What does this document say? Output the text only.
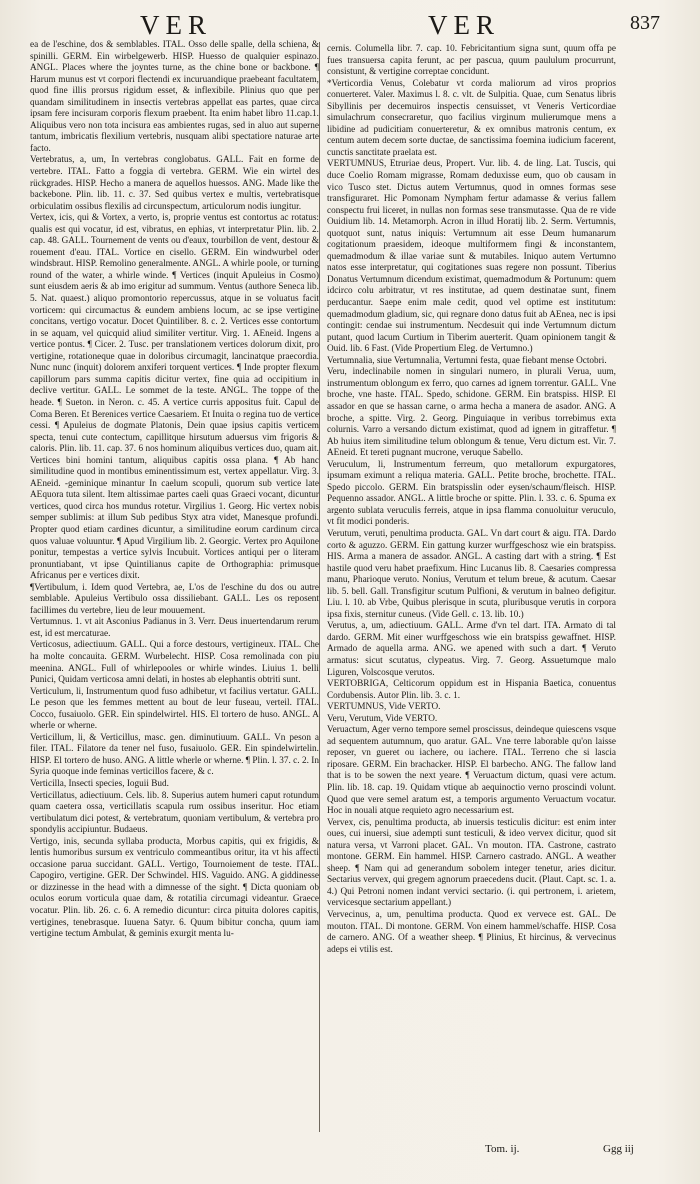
VER	VER	837

ea de l'eschine, dos & semblables. ITAL. Osso delle spalle, della schiena, & spinilli. GERM. Ein wirbelgewerb. HISP. Huesso de qualquier espinazo. ANGL. Places where the joyntes turne, as the chine bone or backbone. ¶ Harum munus est vt corpori flectendi ex incuruandique praebeant facultatem, quod fine illis prorsus rigidum esset, & inflexibile. Plinius quo que per quandam similitudinem in insectis vertebras appellat eas partes, quae circa ipsam fere incisuram corporis flexum praebent. Ita enim habet libro 11.cap.1. Aliquibus vero non tota incisura eas ambientes rugas, sed in aluo aut superne tantum, imbricatis flexilium vertebris, nusquam alibi spectatiore naturae arte facto.

Vertebratus, a, um, In vertebras conglobatus. GALL. Fait en forme de vertebre. ITAL. Fatto a foggia di vertebra. GERM. Wie ein wirtel des rückgrades. HISP. Hecho a manera de aquellos huessos. ANG. Made like the backebone. Plin. lib. 11. c. 37. Sed quibus vertex e multis, vertebratisque orbiculatim ossibus flexilis ad circunspectum, articulorum nodis iungitur.

Vertex, icis, qui & Vortex, a verto, is, proprie ventus est contortus ac rotatus: qualis est qui vocatur, id est, vibratus, en ephias, vt interpretatur Plin. lib. 2. cap. 48. GALL. Tournement de vents ou d'eaux, tourbillon de vent, destour & rouement d'eau. ITAL. Vortice en cisello. GERM. Ein windwurbel oder windsbraut. HISP. Remolino generalmente. ANGL. A whirle poole, or turning round of the water, a whirle winde. ¶ Vertices (inquit Apuleius in Cosmo) sunt eiusdem aeris & ab imo erigitur ad summum. Ventus (authore Seneca lib. 5. Nat. quaest.) aliquo promontorio repercussus, atque in se voluatus facit vorticem: qui circumactus & eundem ambiens locum, ac se ipse vertigine concitans, vertigo vocatur. Docet Quintiliber. 8. c. 2. Vertices esse contortum in se aquam, vel quicquid aliud similiter vertitur. Virg. 1. AEneid. Ingens a vertice pontus. ¶ Cicer. 2. Tusc. per translationem vertices dolorum dixit, pro vertigine, rotationeque quae in doloribus circumagit, lancinatque praecordia. Nunc nunc (inquit) dolorem anxiferi torquent vertices. ¶ Inde propter flexum capillorum pars summa capitis dicitur vertex, fine quia ad occipitium in declive vertitur. GALL. Le sommet de la teste. ANGL. The toppe of the heade. ¶ Sueton. in Neron. c. 45. A vertice curris appositus fuit. Capul de Coma Beren. Et Berenices vertice Caesariem. Et Inuita o regina tuo de vertice cessi. ¶ Apuleius de dogmate Platonis, Dein quae ipsius capitis verticem specta, tenui cute contectum, capillitque hirsutum aduersus vim frigoris & caloris. Plin. lib. 11. cap. 37. 6 nos hominum aliquibus vertices duo, quam ait. Vertices bini homini tantum, aliquibus capitis ossa plana. ¶ Ab hanc similitudine quod in montibus eminentissimum est, vertex appellatur. Virg. 3. AEneid. -geminique minantur In caelum scopuli, quorum sub vertice late AEquora tuta silent. Item altissimae partes caeli quas Graeci vocant, dicuntur vertices, quod circa hos mundus rotetur. Virgilius 1. Georg. Hic vertex nobis semper sublimis: at illum Sub pedibus Styx atra videt, Manesque profundi. Propter quod etiam cardines dicuntur, a similitudine eorum cardinum circa quos valuae voluuntur. ¶ Apud Virgilium lib. 2. Georgic. Vertex pro Aquilone ponitur, tempestas a vertice sylvis Incubuit. Vortices antiqui per o literam pronuntiabant, vt ipse Quintilianus capite de Orthographia: primusque Africanus per e vertices dixit.

¶Vertibulum, i. Idem quod Vertebra, ae, L'os de l'eschine du dos ou autre semblable. Apuleius Vertibulo ossa dissiliebant. GALL. Les os reposent facillimes du vertebre, lieu de leur mouuement.

Vertumnus. 1. vt ait Asconius Padianus in 3. Verr. Deus inuertendarum rerum est, id est mercaturae.

Verticosus, adiectiuum. GALL. Qui a force destours, vertigineux. ITAL. Che ha molte concauita. GERM. Wurbelecht. HISP. Cosa remolinada con piu meenina. ANGL. Full of whirlepooles or whirle windes. Liuius 1. belli Punici, Quidam verticosa amni delati, in hostes ab elephantis obtriti sunt.

Verticulum, li, Instrumentum quod fuso adhibetur, vt facilius vertatur. GALL. Le peson que les femmes mettent au bout de leur fuseau, verteil. ITAL. Cocco, fusaiuolo. GER. Ein spindelwirtel. HIS. El tortero de huso. ANGL. A wherle or wherne.

Verticillum, li, & Verticillus, masc. gen. diminutiuum. GALL. Vn peson a filer. ITAL. Filatore da tener nel fuso, fusaiuolo. GER. Ein spindelwirtelin. HISP. El tortero de huso. ANG. A little wherle or wherne. ¶ Plin. l. 37. c. 2. In Syria quoque inde feminas verticillos facere, & c.

Verticilla, Insecti species, Ioguii Bud.

Verticillatus, adiectiuum. Cels. lib. 8. Superius autem humeri caput rotundum quam caetera ossa, verticillatis scapula rum ossibus inseritur. Hoc etiam vertibulatum dici potest, & vertebratum, quoniam vertibulum, & vertebra pro spondylis accipiuntur. Budaeus.

Vertigo, inis, secunda syllaba producta, Morbus capitis, qui ex frigidis, & lentis humoribus sursum ex ventriculo commeantibus oritur, ita vt his affecti occasione parua succidant. GALL. Vertigo, Tournoiement de teste. ITAL. Capogiro, vertigine. GER. Der Schwindel. HIS. Vaguido. ANG. A giddinesse or dizzinesse in the head with a dimnesse of the sight. ¶ Dicta quoniam ob oculos eorum vorticula quae dam, & rotatilia circumagi videantur. Graece vocatur. Plin. lib. 26. c. 6. A remedio dicuntur: circa pituita dolores capitis, vertigines, tenebrasque. Iuuena Satyr. 6. Quum bibitur concha, quum iam vertigine tectum Ambulat, & geminis exurgit menta lu-

cernis. Columella libr. 7. cap. 10. Febricitantium signa sunt, quum offa pe fues transuersa capita ferunt, ac per pascua, quum paululum procurrunt, consistunt, & vertigine correptae concidunt.

*Verticordia Venus, Colebatur vt corda maliorum ad viros proprios conuerteret. Valer. Maximus l. 8. c. vlt. de Sulpitia. Quae, cum Senatus libris Sibyllinis per decemuiros inspectis censuisset, vt Veneris Verticordiae simulachrum consecraretur, quo facilius virginum mulierumque mens a libidine ad pudicitiam conuerteretur, & ex omnibus matronis centum, ex centum autem decem sorte ductae, de sanctissima foemina iudicium facerent, cunctis sanctitate praelata est.

VERTUMNUS, Etruriae deus, Propert. Vur. lib. 4. de ling. Lat. Tuscis, qui duce Coelio Romam migrasse, Romam deduxisse eum, quo ob causam in vico Tusco stet. Dictus autem Vertumnus, quod in omnes formas sese transfiguraret. Hic Pomonam Nympham fertur adamasse & verius fallem conspectu frui liceret, in nullas non formas sese transmutasse. Qua de re vide Ouidium lib. 14. Metamorph. Acron in illud Horatij lib. 2. Serm. Vertumnis, quotquot sunt, natus iniquis: Vertumnum ait esse Deum humanarum cogitationum praesidem, ideoque multiformem fingi & inconstantem, quemadmodum & illae variae sunt & mutabiles. Iniquo autem Vertumno natos esse interpretatur, qui cogitationes suas regere non possunt. Tiberius Donatus Vertumnum dicendum existimat, quemadmodum & Portunum: quem idcirco colu arbitratur, vt res institutae, ad quem destinatae sunt, finem perducantur. Saepe enim male cedit, quod vel optime est institutum: quemadmodum gladium, sic, qui regnare dono datus fuit ab AEnea, nec is ipsi contingit: cendae sui instrumentum. Necdesuit qui inde Vertumnum dictum putant, quod lacum Curtium in Tiberim auerterit. Quam opinionem tangit & Ouid. lib. 6 Fast. (Vide Propertium Eleg. de Vertumno.)

Vertumnalia, siue Vertumnalia, Vertumni festa, quae fiebant mense Octobri.

Veru, indeclinabile nomen in singulari numero, in plurali Verua, uum, instrumentum oblongum ex ferro, quo carnes ad ignem torrentur. GALL. Vne broche, vne haste. ITAL. Spedo, schidone. GERM. Ein bratspiss. HISP. El assador en que se hassan carne, o arma hecha a manera de asador. ANG. A broche, a spitte. Virg. 2. Georg. Pinguiaque in veribus torrebimus exta colurnis. Varro a versando dictum existimat, quod ad ignem in gitraffetur. ¶ Ab huius item similitudine telum oblongum & tenue, Veru dictum est. Vir. 7. AEneid. Et tereti pugnant mucrone, veruque Sabello.

Veruculum, li, Instrumentum ferreum, quo metallorum expurgatores, ipsumam eximunt a reliqua materia. GALL. Petite broche, brochette. ITAL. Spedo piccolo. GERM. Ein bratspisslin oder eysen/schaum/fleisch. HISP. Pequenno assador. ANGL. A little broche or spitte. Plin. l. 33. c. 6. Spuma ex argento sublata veruculis ferreis, atque in ipsa flamma conuoluitur veruculo, vt fit modici ponderis.

Verutum, veruti, penultima producta. GAL. Vn dart court & aigu. ITA. Dardo corto & aguzzo. GERM. Ein gattung kurzer wurffgeschosz wie ein bratspiss. HIS. Arma a manera de assador. ANGL. A casting dart with a string. ¶ Est hastile quod veru habet praefixum. Hinc Lucanus lib. 8. Caesaries compressa manu, Pharioque veruto. Nonius, Verutum et telum breue, & acutum. Caesar lib. 5. bell. Gall. Transfigitur scutum Pulfioni, & verutum in balneo defigitur. Liu. l. 10. ab Vrbe, Quibus plerisque in scuta, pluribusque verutis in corpora ipsa fixis, sternitur cuneus. (Vide Gell. c. 13. lib. 10.)

Verutus, a, um, adiectiuum. GALL. Arme d'vn tel dart. ITA. Armato di tal dardo. GERM. Mit einer wurffgeschoss wie ein bratspiss gewaffnet. HISP. Armado de aquella arma. ANG. we apened with such a dart. ¶ Veruto armatus: sicut scutatus, clypeatus. Virg. 7. Georg. Assuetumque malo Liguren, Volscosque verutos.

VERTOBRIGA, Celticorum oppidum est in Hispania Baetica, conuentus Cordubensis. Autor Plin. lib. 3. c. 1.

VERTUMNUS, Vide VERTO.

Veru, Verutum, Vide VERTO.

Veruactum, Ager verno tempore semel proscissus, deindeque quiescens vsque ad sequentem autumnum, quo aratur. GAL. Vne terre laborable qu'on laisse reposer, vn gueret ou iachere, ou iachere. ITAL. Terreno che si lascia riposare. GERM. Ein brachacker. HISP. El barbecho. ANG. The fallow land that is to be sowen the next yeare. ¶ Veruactum dictum, quasi vere actum. Plin. lib. 18. cap. 19. Quidam vtique ab aequinoctio verno proscindi volunt. Quod que vere semel aratum est, a temporis argumento Veruactum vocatur. Hoc in nouali atque requieto agro necessarium est.

Vervex, cis, penultima producta, ab inuersis testiculis dicitur: est enim inter oues, cui inuersi, siue adempti sunt testiculi, & ideo vervex dicitur, quod sit natura versa, vt Varroni placet. GAL. Vn mouton. ITA. Castrone, castrato montone. GERM. Ein hammel. HISP. Carnero castrado. ANGL. A weather sheep. ¶ Nam qui ad generandum sobolem integer tenetur, aries dicitur. Sectarius vervex, qui gregem agnorum praecedens ducit. (Plaut. Capt. sc. 1. a. 4.) Qui Petroni nomen indant vervici sectario. (i. qui pertronem, i. arietem, vervicesque sectarium appellant.)

Vervecinus, a, um, penultima producta. Quod ex vervece est. GAL. De mouton. ITAL. Di montone. GERM. Von einem hammel/schaffe. HISP. Cosa de carnero. ANG. Of a weather sheep. ¶ Plinius, Et hircinus, & vervecinus adeps ei vtilis est.

Tom. ij.	Ggg iij
